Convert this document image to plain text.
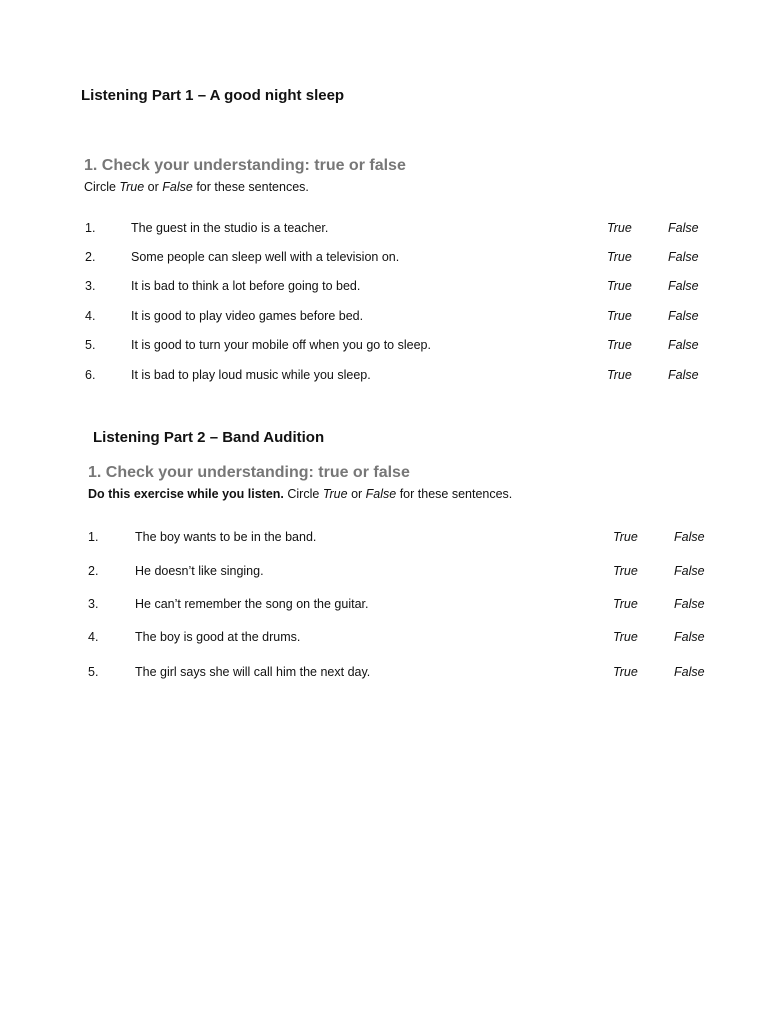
Listening Part 1 – A good night sleep
1. Check your understanding: true or false
Circle True or False for these sentences.
1.	The guest in the studio is a teacher.	True	False
2.	Some people can sleep well with a television on.	True	False
3.	It is bad to think a lot before going to bed.	True	False
4.	It is good to play video games before bed.	True	False
5.	It is good to turn your mobile off when you go to sleep.	True	False
6.	It is bad to play loud music while you sleep.	True	False
Listening Part 2 – Band Audition
1. Check your understanding: true or false
Do this exercise while you listen. Circle True or False for these sentences.
1.	The boy wants to be in the band.	True	False
2.	He doesn’t like singing.	True	False
3.	He can’t remember the song on the guitar.	True	False
4.	The boy is good at the drums.	True	False
5.	The girl says she will call him the next day.	True	False
